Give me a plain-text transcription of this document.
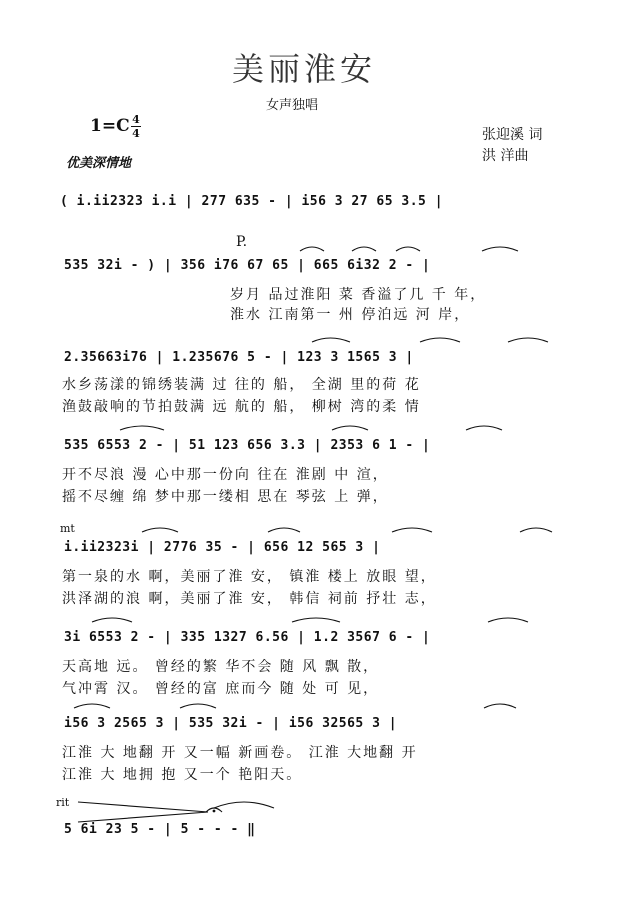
美丽淮安
女声独唱
1=C 4
4
优美深情地
张迎溪 词
洪 洋曲
( i.ii2323 i.i | 277 635 - | i56 3 27 65 3.5 |
P.
535 32i - ) | 356 i76 67 65 | 665 6i32 2 - |
岁月 品过淮阳 菜 香溢了几 千 年，
淮水 江南第一 州 停泊远 河 岸，
2.35663i76 | 1.235676 5 - | 123 3 1565 3 |
水乡荡漾的锦绣装满 过 往的 船， 全湖 里的荷 花
渔鼓敲响的节拍鼓满 远 航的 船， 柳树 湾的柔 情
535 6553 2 - | 51 123 656 3.3 | 2353 6 1 - |
开不尽浪 漫 心中那一份向 往在 淮剧 中 渲，
摇不尽缠 绵 梦中那一缕相 思在 琴弦 上 弹，
mt
i.ii2323i | 2776 35 - | 656 12 565 3 |
第一泉的水 啊，美丽了淮 安， 镇淮 楼上 放眼 望，
洪泽湖的浪 啊，美丽了淮 安， 韩信 祠前 抒壮 志，
3i 6553 2 - | 335 1327 6.56 | 1.2 3567 6 - |
天高地 远。 曾经的繁 华不会 随 风 飘 散，
气冲霄 汉。 曾经的富 庶而今 随 处 可 见，
i56 3 2565 3 | 535 32i - | i56 32565 3 |
江淮 大 地翻 开 又一幅 新画卷。 江淮 大地翻 开
江淮 大 地拥 抱 又一个 艳阳天。
rit
5 6i 23 5 - | 5 - - - ‖
